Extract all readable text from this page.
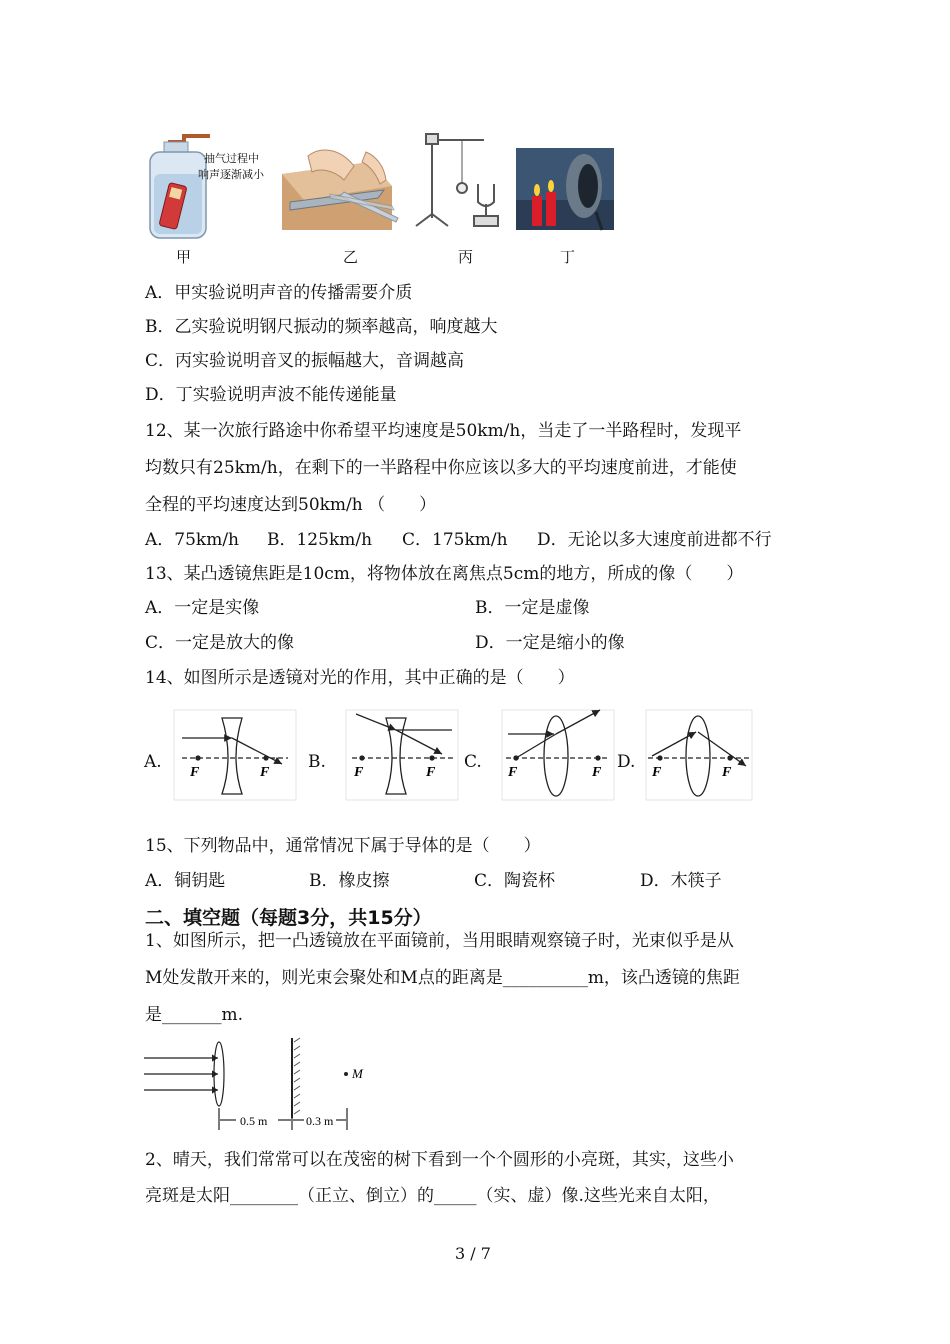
抽气过程中
响声逐渐减小
甲	乙	丙	丁
A．甲实验说明声音的传播需要介质
B．乙实验说明钢尺振动的频率越高，响度越大
C．丙实验说明音叉的振幅越大，音调越高
D．丁实验说明声波不能传递能量
12、某一次旅行路途中你希望平均速度是50km/h，当走了一半路程时，发现平
均数只有25km/h，在剩下的一半路程中你应该以多大的平均速度前进，才能使
全程的平均速度达到50km/h （　　）
A．75km/h B．125km/h C．175km/h D．无论以多大速度前进都不行
13、某凸透镜焦距是10cm，将物体放在离焦点5cm的地方，所成的像（　　）
A．一定是实像	B．一定是虚像
C．一定是放大的像	D．一定是缩小的像
14、如图所示是透镜对光的作用，其中正确的是（　　）
A.	B.	C.	D.
F	F	F	F	F	F	F	F
15、下列物品中，通常情况下属于导体的是（　　）
A．铜钥匙	B．橡皮擦	C．陶瓷杯	D．木筷子
二、填空题（每题3分，共15分）
1、如图所示，把一凸透镜放在平面镜前，当用眼睛观察镜子时，光束似乎是从
M处发散开来的，则光束会聚处和M点的距离是__________m，该凸透镜的焦距
是_______m.
M
0.5 m	0.3 m
2、晴天，我们常常可以在茂密的树下看到一个个圆形的小亮斑，其实，这些小
亮斑是太阳________（正立、倒立）的_____（实、虚）像.这些光来自太阳，
3 / 7
